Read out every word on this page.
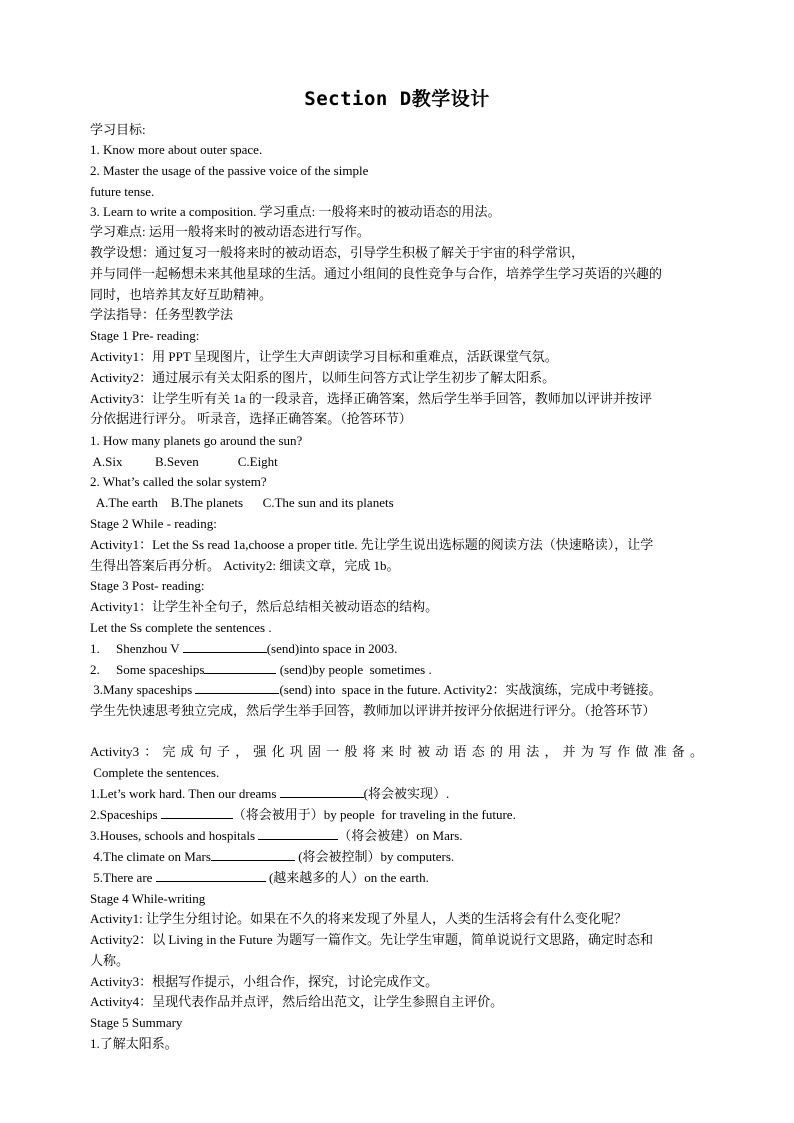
Section D教学设计
学习目标:
1. Know more about outer space.
2. Master the usage of the passive voice of the simple
future tense.
3. Learn to write a composition. 学习重点: 一般将来时的被动语态的用法。
学习难点: 运用一般将来时的被动语态进行写作。
教学设想：通过复习一般将来时的被动语态，引导学生积极了解关于宇宙的科学常识，
并与同伴一起畅想未来其他星球的生活。通过小组间的良性竞争与合作，培养学生学习英语的兴趣的
同时，也培养其友好互助精神。
学法指导：任务型教学法
Stage 1 Pre- reading:
Activity1：用 PPT 呈现图片，让学生大声朗读学习目标和重难点，活跃课堂气氛。
Activity2：通过展示有关太阳系的图片，以师生问答方式让学生初步了解太阳系。
Activity3：让学生听有关 1a 的一段录音，选择正确答案，然后学生举手回答，教师加以评讲并按评
分依据进行评分。 听录音，选择正确答案。（抢答环节）
1. How many planets go around the sun?
A.Six          B.Seven            C.Eight
2. What’s called the solar system?
A.The earth    B.The planets      C.The sun and its planets
Stage 2 While - reading:
Activity1：Let the Ss read 1a,choose a proper title. 先让学生说出选标题的阅读方法（快速略读），让学
生得出答案后再分析。 Activity2: 细读文章，完成 1b。
Stage 3 Post- reading:
Activity1：让学生补全句子，然后总结相关被动语态的结构。
Let the Ss complete the sentences .
1.     Shenzhou V	(send)into space in 2003.
2.     Some spaceships	(send)by people  sometimes .
3.Many spaceships	(send) into  space in the future. Activity2：实战演练，完成中考链接。
学生先快速思考独立完成，然后学生举手回答，教师加以评讲并按评分依据进行评分。（抢答环节）
Activity3：完成句子，强化巩固一般将来时被动语态的用法，并为写作做准备。
Complete the sentences.
1.Let’s work hard. Then our dreams	(将会被实现）.
2.Spaceships	（将会被用于）by people  for traveling in the future.
3.Houses, schools and hospitals	（将会被建）on Mars.
4.The climate on Mars	(将会被控制）by computers.
5.There are	(越来越多的人）on the earth.
Stage 4 While-writing
Activity1: 让学生分组讨论。如果在不久的将来发现了外星人，人类的生活将会有什么变化呢？
Activity2：以 Living in the Future 为题写一篇作文。先让学生审题，简单说说行文思路，确定时态和
人称。
Activity3：根据写作提示，小组合作，探究，讨论完成作文。
Activity4：呈现代表作品并点评，然后给出范文，让学生参照自主评价。
Stage 5 Summary
1.了解太阳系。
